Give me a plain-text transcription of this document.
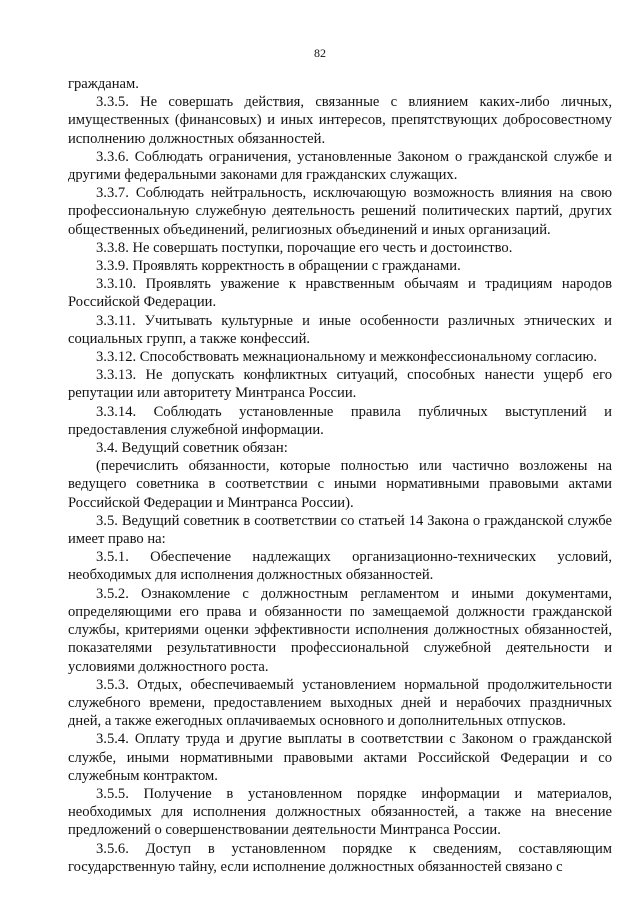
82

гражданам.

3.3.5. Не совершать действия, связанные с влиянием каких-либо личных, имущественных (финансовых) и иных интересов, препятствующих добросовестному исполнению должностных обязанностей.

3.3.6. Соблюдать ограничения, установленные Законом о гражданской службе и другими федеральными законами для гражданских служащих.

3.3.7. Соблюдать нейтральность, исключающую возможность влияния на свою профессиональную служебную деятельность решений политических партий, других общественных объединений, религиозных объединений и иных организаций.

3.3.8. Не совершать поступки, порочащие его честь и достоинство.

3.3.9. Проявлять корректность в обращении с гражданами.

3.3.10. Проявлять уважение к нравственным обычаям и традициям народов Российской Федерации.

3.3.11. Учитывать культурные и иные особенности различных этнических и социальных групп, а также конфессий.

3.3.12. Способствовать межнациональному и межконфессиональному согласию.

3.3.13. Не допускать конфликтных ситуаций, способных нанести ущерб его репутации или авторитету Минтранса России.

3.3.14. Соблюдать установленные правила публичных выступлений и предоставления служебной информации.

3.4. Ведущий советник обязан:

(перечислить обязанности, которые полностью или частично возложены на ведущего советника в соответствии с иными нормативными правовыми актами Российской Федерации и Минтранса России).

3.5. Ведущий советник в соответствии со статьей 14 Закона о гражданской службе имеет право на:

3.5.1. Обеспечение надлежащих организационно-технических условий, необходимых для исполнения должностных обязанностей.

3.5.2. Ознакомление с должностным регламентом и иными документами, определяющими его права и обязанности по замещаемой должности гражданской службы, критериями оценки эффективности исполнения должностных обязанностей, показателями результативности профессиональной служебной деятельности и условиями должностного роста.

3.5.3. Отдых, обеспечиваемый установлением нормальной продолжительности служебного времени, предоставлением выходных дней и нерабочих праздничных дней, а также ежегодных оплачиваемых основного и дополнительных отпусков.

3.5.4. Оплату труда и другие выплаты в соответствии с Законом о гражданской службе, иными нормативными правовыми актами Российской Федерации и со служебным контрактом.

3.5.5. Получение в установленном порядке информации и материалов, необходимых для исполнения должностных обязанностей, а также на внесение предложений о совершенствовании деятельности Минтранса России.

3.5.6. Доступ в установленном порядке к сведениям, составляющим государственную тайну, если исполнение должностных обязанностей связано с
